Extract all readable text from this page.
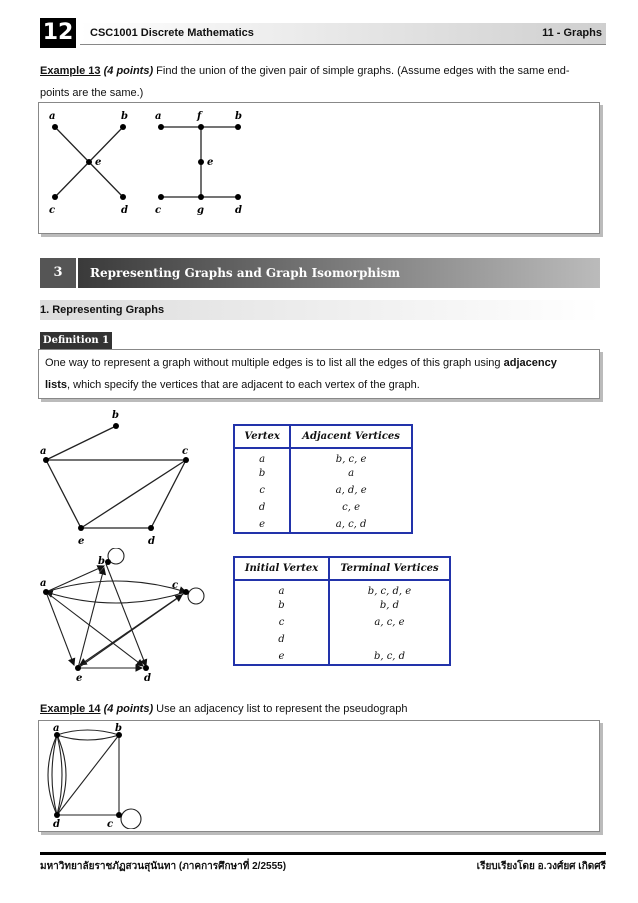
12 CSC1001 Discrete Mathematics	11 - Graphs
Example 13 (4 points) Find the union of the given pair of simple graphs. (Assume edges with the same end-
points are the same.)
a	b
e
c	d
a	f	b
e
c	g	d
3	Representing Graphs and Graph Isomorphism
1. Representing Graphs
Definition 1
One way to represent a graph without multiple edges is to list all the edges of this graph using adjacency
lists, which specify the vertices that are adjacent to each vertex of the graph.
b
a	c
e	d
Vertex	Adjacent Vertices
a	b, c, e
b	a
c	a, d, e
d	c, e
e	a, c, d
b
a	c
e	d
Initial Vertex	Terminal Vertices
a	b, c, d, e
b	b, d
c	a, c, e
d	
e	b, c, d
Example 14 (4 points) Use an adjacency list to represent the pseudograph
a	b
d	c
มหาวิทยาลัยราชภัฏสวนสุนันทา (ภาคการศึกษาที่ 2/2555)	เรียบเรียงโดย อ.วงศ์ยศ เกิดศรี
